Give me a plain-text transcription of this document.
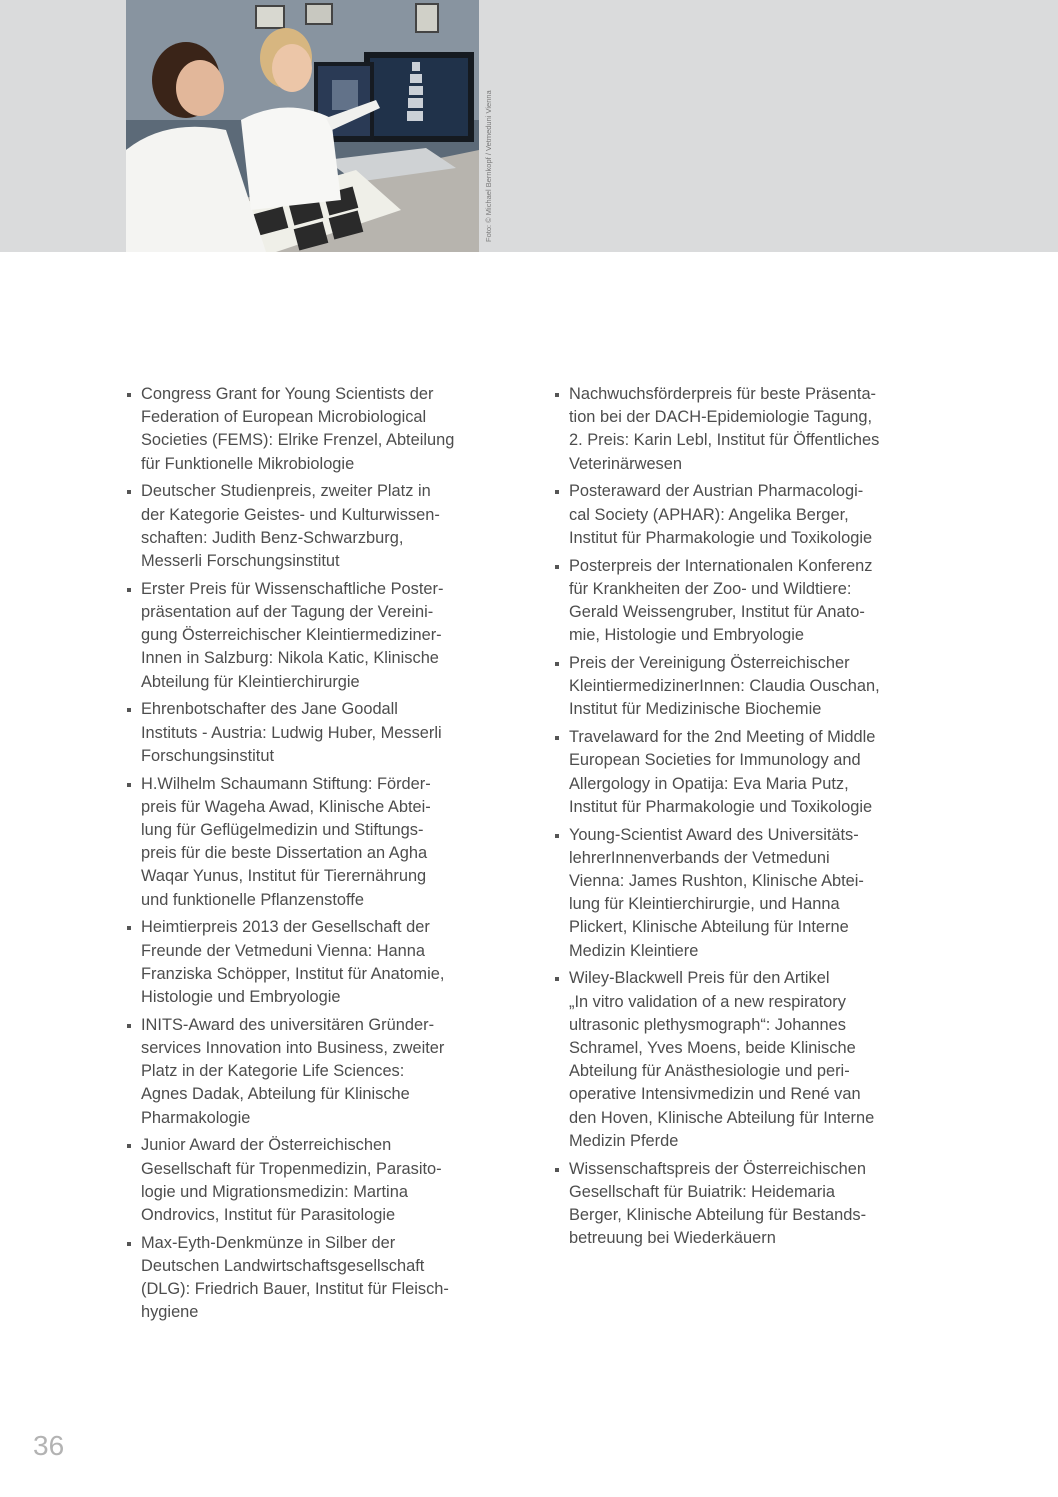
Foto: © Michael Bernkopf / Vetmeduni Vienna
Congress Grant for Young Scientists der
Federation of European Microbiological
Societies (FEMS): Elrike Frenzel, Abteilung
für Funktionelle Mikrobiologie
Deutscher Studienpreis, zweiter Platz in
der Kategorie Geistes- und Kulturwissen-
schaften: Judith Benz-Schwarzburg,
Messerli Forschungsinstitut
Erster Preis für Wissenschaftliche Poster-
präsentation auf der Tagung der Vereini-
gung Österreichischer Kleintiermediziner-
Innen in Salzburg: Nikola Katic, Klinische
Abteilung für Kleintierchirurgie
Ehrenbotschafter des Jane Goodall
Instituts - Austria: Ludwig Huber, Messerli
Forschungsinstitut
H.Wilhelm Schaumann Stiftung: Förder-
preis für Wageha Awad, Klinische Abtei-
lung für Geflügelmedizin und Stiftungs-
preis für die beste Dissertation an Agha
Waqar Yunus, Institut für Tierernährung
und funktionelle Pflanzenstoffe
Heimtierpreis 2013 der Gesellschaft der
Freunde der Vetmeduni Vienna: Hanna
Franziska Schöpper, Institut für Anatomie,
Histologie und Embryologie
INITS-Award des universitären Gründer-
services Innovation into Business, zweiter
Platz in der Kategorie Life Sciences:
Agnes Dadak, Abteilung für Klinische
Pharmakologie
Junior Award der Österreichischen
Gesellschaft für Tropenmedizin, Parasito-
logie und Migrationsmedizin: Martina
Ondrovics, Institut für Parasitologie
Max-Eyth-Denkmünze in Silber der
Deutschen Landwirtschaftsgesellschaft
(DLG): Friedrich Bauer, Institut für Fleisch-
hygiene
Nachwuchsförderpreis für beste Präsenta-
tion bei der DACH-Epidemiologie Tagung,
2. Preis: Karin Lebl, Institut für Öffentliches
Veterinärwesen
Posteraward der Austrian Pharmacologi-
cal Society (APHAR): Angelika Berger,
Institut für Pharmakologie und Toxikologie
Posterpreis der Internationalen Konferenz
für Krankheiten der Zoo- und Wildtiere:
Gerald Weissengruber, Institut für Anato-
mie, Histologie und Embryologie
Preis der Vereinigung Österreichischer
KleintiermedizinerInnen: Claudia Ouschan,
Institut für Medizinische Biochemie
Travelaward for the 2nd Meeting of Middle
European Societies for Immunology and
Allergology in Opatija: Eva Maria Putz,
Institut für Pharmakologie und Toxikologie
Young-Scientist Award des Universitäts-
lehrerInnenverbands der Vetmeduni
Vienna: James Rushton, Klinische Abtei-
lung für Kleintierchirurgie, und Hanna
Plickert, Klinische Abteilung für Interne
Medizin Kleintiere
Wiley-Blackwell Preis für den Artikel
„In vitro validation of a new respiratory
ultrasonic plethysmograph“: Johannes
Schramel, Yves Moens, beide Klinische
Abteilung für Anästhesiologie und peri-
operative Intensivmedizin und René van
den Hoven, Klinische Abteilung für Interne
Medizin Pferde
Wissenschaftspreis der Österreichischen
Gesellschaft für Buiatrik: Heidemaria
Berger, Klinische Abteilung für Bestands-
betreuung bei Wiederkäuern
36
